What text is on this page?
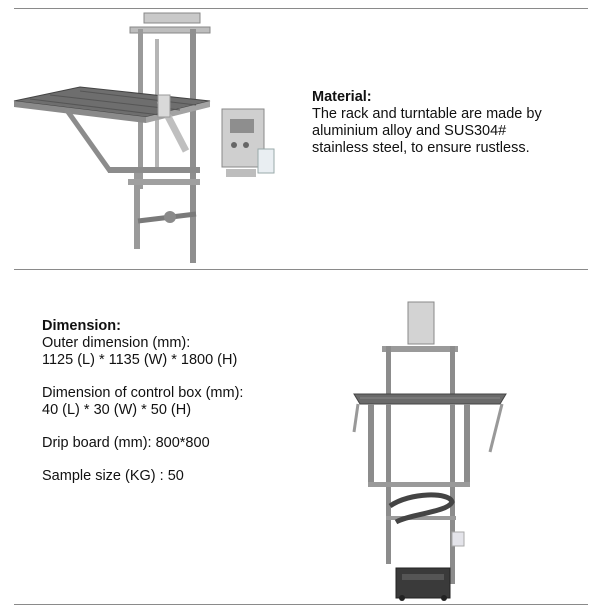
Material:
The rack and turntable are made by
aluminium alloy and SUS304#
stainless steel, to ensure rustless.
Dimension:
Outer dimension (mm):
1125 (L) * 1135 (W) * 1800 (H)
Dimension of control box (mm):
40 (L) * 30 (W) * 50 (H)
Drip board (mm): 800*800
Sample size (KG) : 50
